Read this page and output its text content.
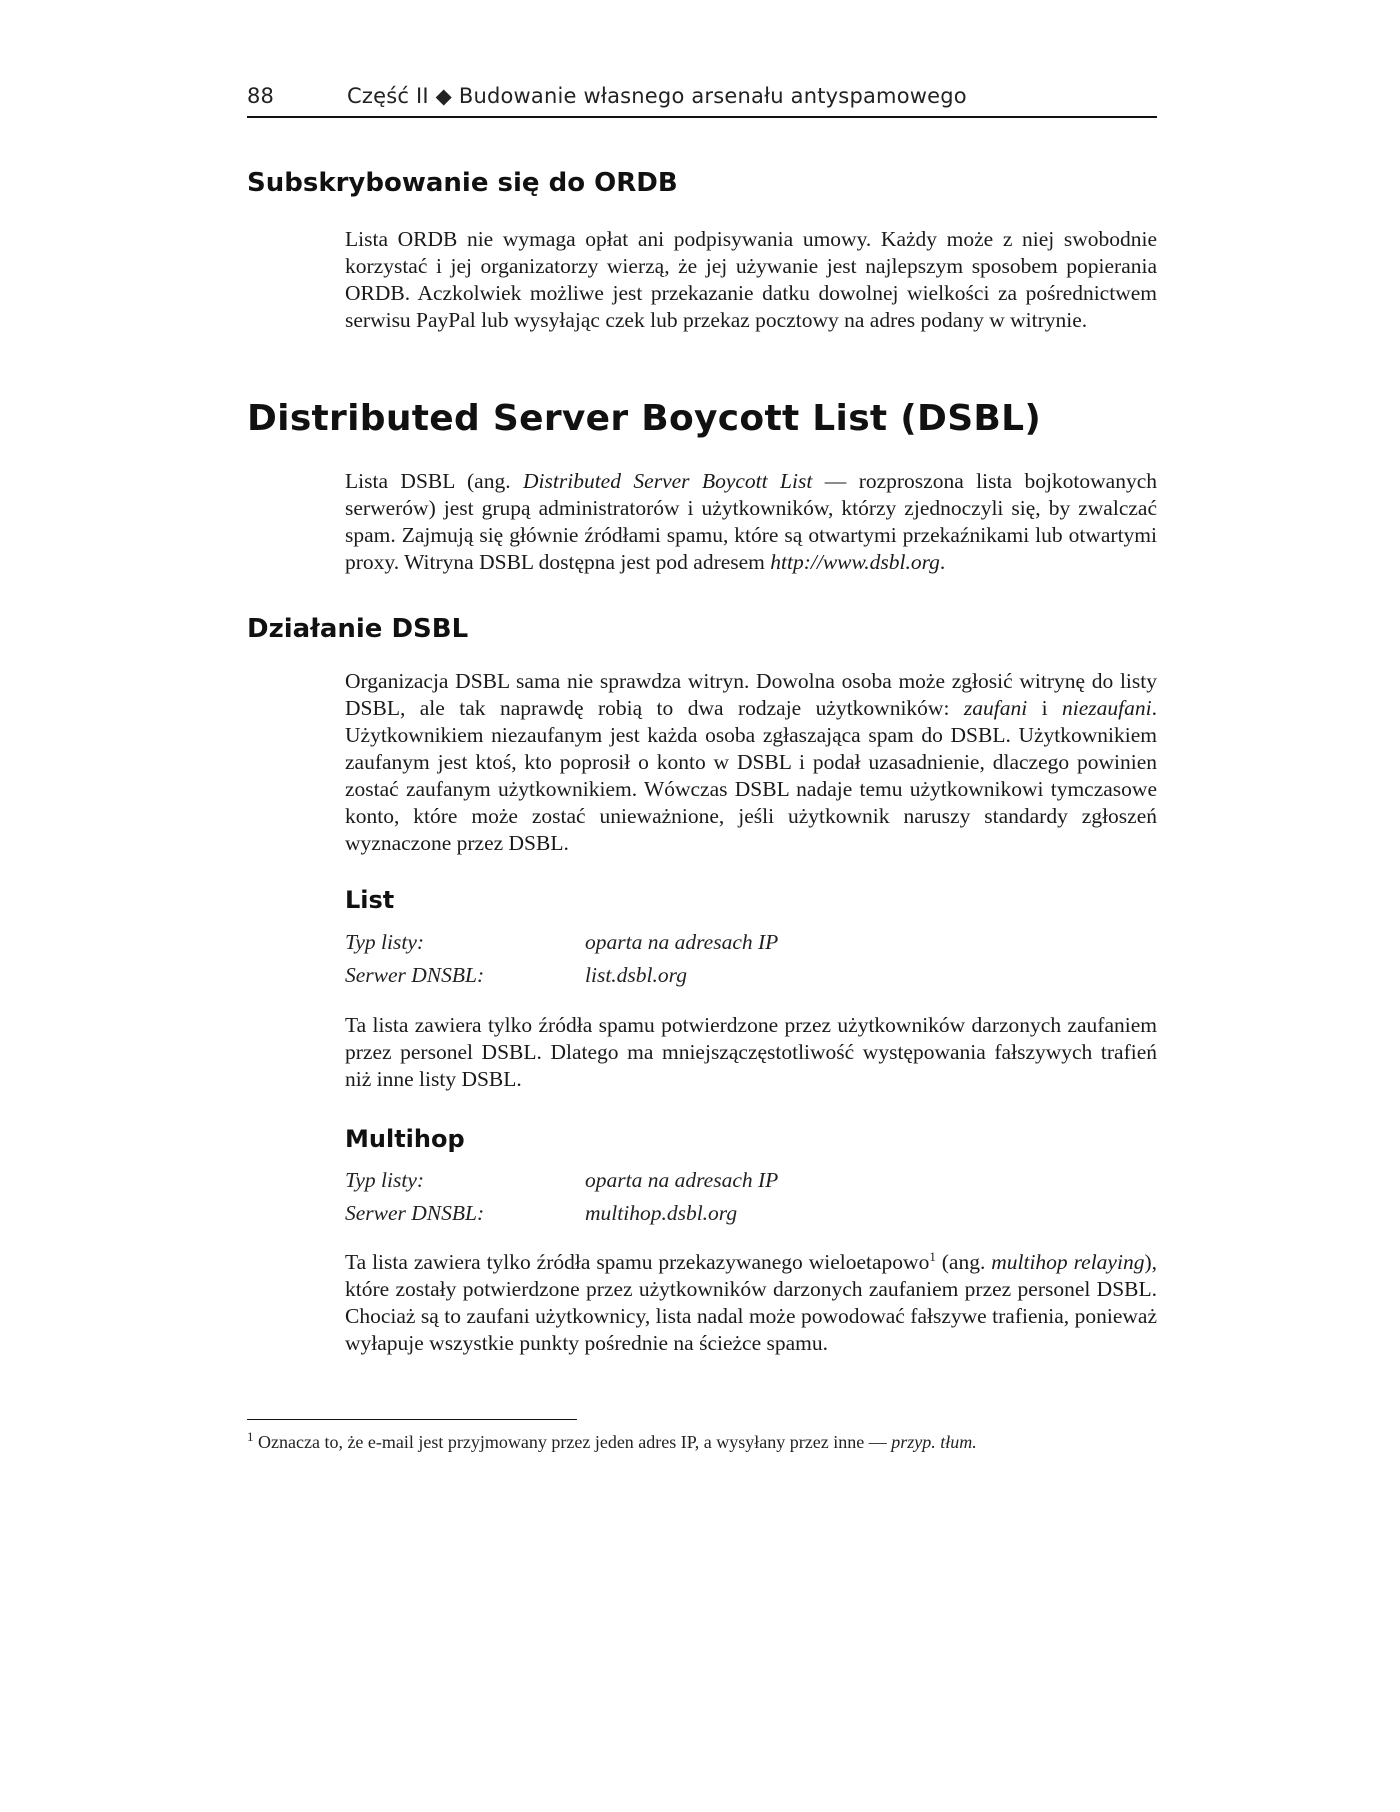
88	Część II ◆ Budowanie własnego arsenału antyspamowego
Subskrybowanie się do ORDB

Lista ORDB nie wymaga opłat ani podpisywania umowy. Każdy może z niej swobodnie korzystać i jej organizatorzy wierzą, że jej używanie jest najlepszym sposobem popierania ORDB. Aczkolwiek możliwe jest przekazanie datku dowolnej wielkości za pośrednictwem serwisu PayPal lub wysyłając czek lub przekaz pocztowy na adres podany w witrynie.

Distributed Server Boycott List (DSBL)

Lista DSBL (ang. Distributed Server Boycott List — rozproszona lista bojkotowanych serwerów) jest grupą administratorów i użytkowników, którzy zjednoczyli się, by zwalczać spam. Zajmują się głównie źródłami spamu, które są otwartymi przekaźnikami lub otwartymi proxy. Witryna DSBL dostępna jest pod adresem http://www.dsbl.org.

Działanie DSBL

Organizacja DSBL sama nie sprawdza witryn. Dowolna osoba może zgłosić witrynę do listy DSBL, ale tak naprawdę robią to dwa rodzaje użytkowników: zaufani i niezaufani. Użytkownikiem niezaufanym jest każda osoba zgłaszająca spam do DSBL. Użytkownikiem zaufanym jest ktoś, kto poprosił o konto w DSBL i podał uzasadnienie, dlaczego powinien zostać zaufanym użytkownikiem. Wówczas DSBL nadaje temu użytkownikowi tymczasowe konto, które może zostać unieważnione, jeśli użytkownik naruszy standardy zgłoszeń wyznaczone przez DSBL.

List
Typ listy:	oparta na adresach IP
Serwer DNSBL:	list.dsbl.org

Ta lista zawiera tylko źródła spamu potwierdzone przez użytkowników darzonych zaufaniem przez personel DSBL. Dlatego ma mniejszączęstotliwość występowania fałszywych trafień niż inne listy DSBL.

Multihop
Typ listy:	oparta na adresach IP
Serwer DNSBL:	multihop.dsbl.org

Ta lista zawiera tylko źródła spamu przekazywanego wieloetapowo$^1$ (ang. multihop relaying), które zostały potwierdzone przez użytkowników darzonych zaufaniem przez personel DSBL. Chociaż są to zaufani użytkownicy, lista nadal może powodować fałszywe trafienia, ponieważ wyłapuje wszystkie punkty pośrednie na ścieżce spamu.

$^1$ Oznacza to, że e-mail jest przyjmowany przez jeden adres IP, a wysyłany przez inne — przyp. tłum.
